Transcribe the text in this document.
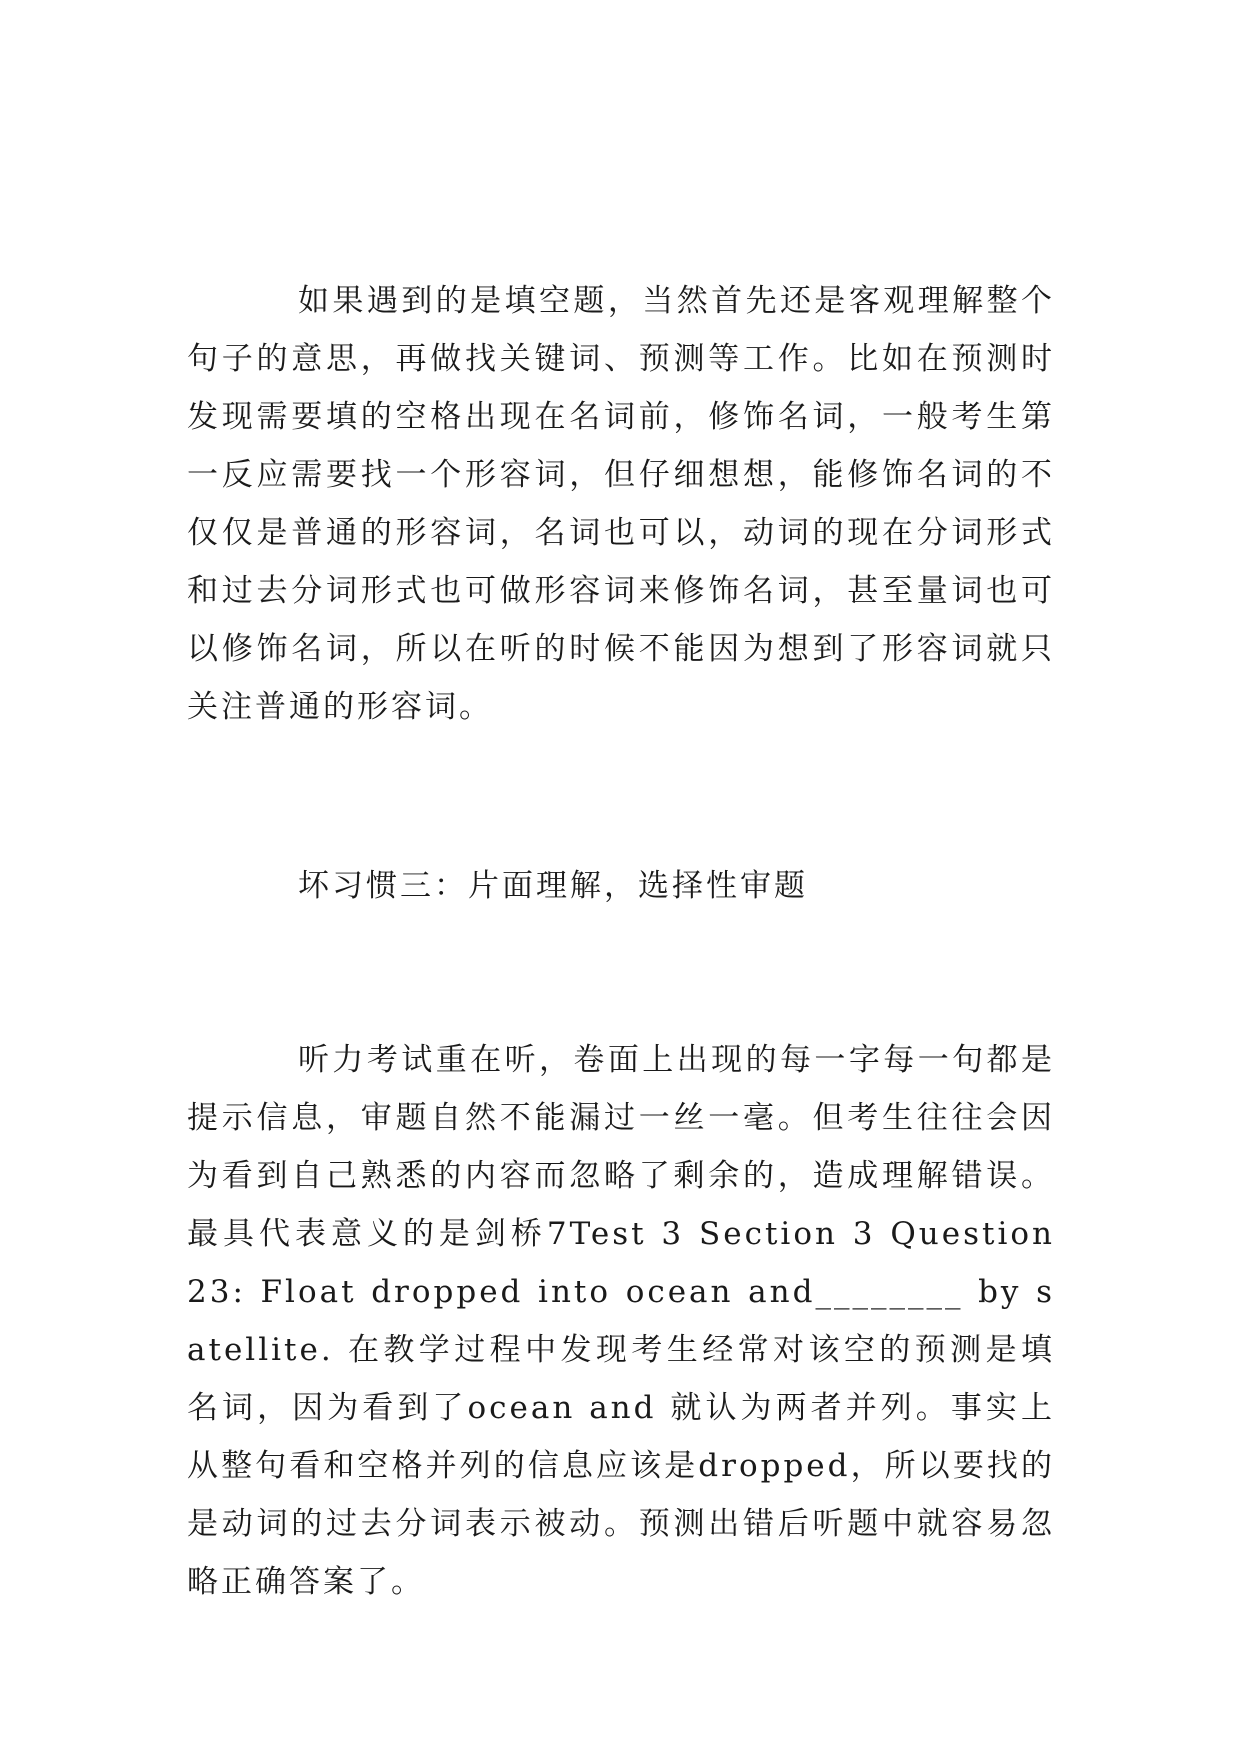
如果遇到的是填空题，当然首先还是客观理解整个句子的意思，再做找关键词、预测等工作。比如在预测时发现需要填的空格出现在名词前，修饰名词，一般考生第一反应需要找一个形容词，但仔细想想，能修饰名词的不仅仅是普通的形容词，名词也可以，动词的现在分词形式和过去分词形式也可做形容词来修饰名词，甚至量词也可以修饰名词，所以在听的时候不能因为想到了形容词就只关注普通的形容词。

坏习惯三：片面理解，选择性审题

听力考试重在听，卷面上出现的每一字每一句都是提示信息，审题自然不能漏过一丝一毫。但考生往往会因为看到自己熟悉的内容而忽略了剩余的，造成理解错误。最具代表意义的是剑桥7Test 3 Section 3 Question 23: Float dropped into ocean and________ by satellite. 在教学过程中发现考生经常对该空的预测是填名词，因为看到了ocean and 就认为两者并列。事实上从整句看和空格并列的信息应该是dropped，所以要找的是动词的过去分词表示被动。预测出错后听题中就容易忽略正确答案了。
